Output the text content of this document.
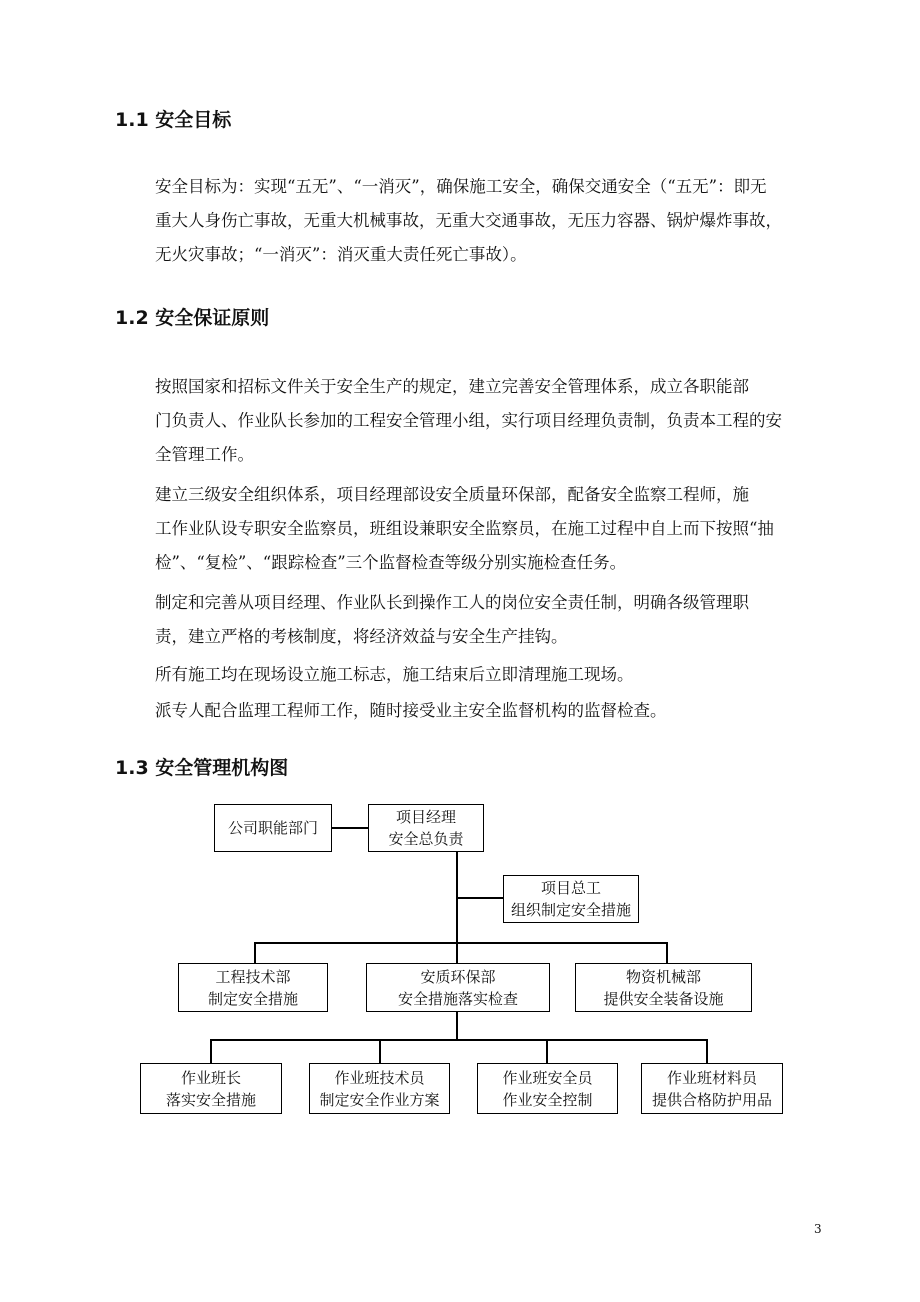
1.1 安全目标
安全目标为：实现“五无”、“一消灭”，确保施工安全，确保交通安全（“五无”：即无
重大人身伤亡事故，无重大机械事故，无重大交通事故，无压力容器、锅炉爆炸事故，
无火灾事故；“一消灭”：消灭重大责任死亡事故）。
1.2 安全保证原则
按照国家和招标文件关于安全生产的规定，建立完善安全管理体系，成立各职能部
门负责人、作业队长参加的工程安全管理小组，实行项目经理负责制，负责本工程的安
全管理工作。
建立三级安全组织体系，项目经理部设安全质量环保部，配备安全监察工程师，施
工作业队设专职安全监察员，班组设兼职安全监察员，在施工过程中自上而下按照“抽
检”、“复检”、“跟踪检查”三个监督检查等级分别实施检查任务。
制定和完善从项目经理、作业队长到操作工人的岗位安全责任制，明确各级管理职
责，建立严格的考核制度，将经济效益与安全生产挂钩。
所有施工均在现场设立施工标志，施工结束后立即清理施工现场。
派专人配合监理工程师工作，随时接受业主安全监督机构的监督检查。
1.3 安全管理机构图
公司职能部门
项目经理
安全总负责
项目总工
组织制定安全措施
工程技术部
制定安全措施
安质环保部
安全措施落实检查
物资机械部
提供安全装备设施
作业班长
落实安全措施
作业班技术员
制定安全作业方案
作业班安全员
作业安全控制
作业班材料员
提供合格防护用品
3
